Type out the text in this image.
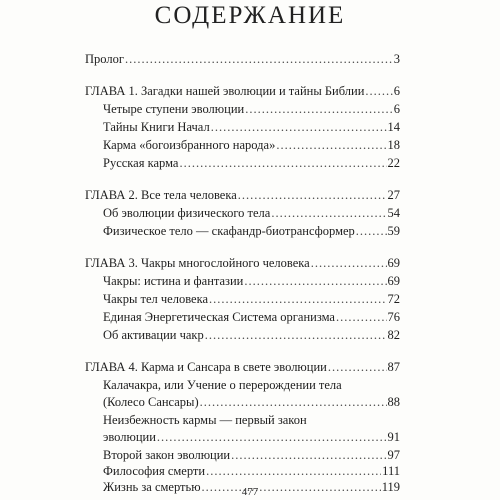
СОДЕРЖАНИЕ
Пролог .....	3
ГЛАВА 1. Загадки нашей эволюции и тайны Библии ..... 6
Четыре ступени эволюции .....	6
Тайны Книги Начал .....	14
Карма «богоизбранного народа» .....	18
Русская карма .....	22
ГЛАВА 2. Все тела человека .....	27
Об эволюции физического тела .....	54
Физическое тело — скафандр-биотрансформер .....	59
ГЛАВА 3. Чакры многослойного человека .....	69
Чакры: истина и фантазии .....	69
Чакры тел человека .....	72
Единая Энергетическая Система организма .....	76
Об активации чакр .....	82
ГЛАВА 4. Карма и Сансара в свете эволюции .....	87
Калачакра, или Учение о перерождении тела
(Колесо Сансары) .....	88
Неизбежность кармы — первый закон
эволюции .....	91
Второй закон эволюции .....	97
Философия смерти .....	111
Жизнь за смертью .....	119
477
